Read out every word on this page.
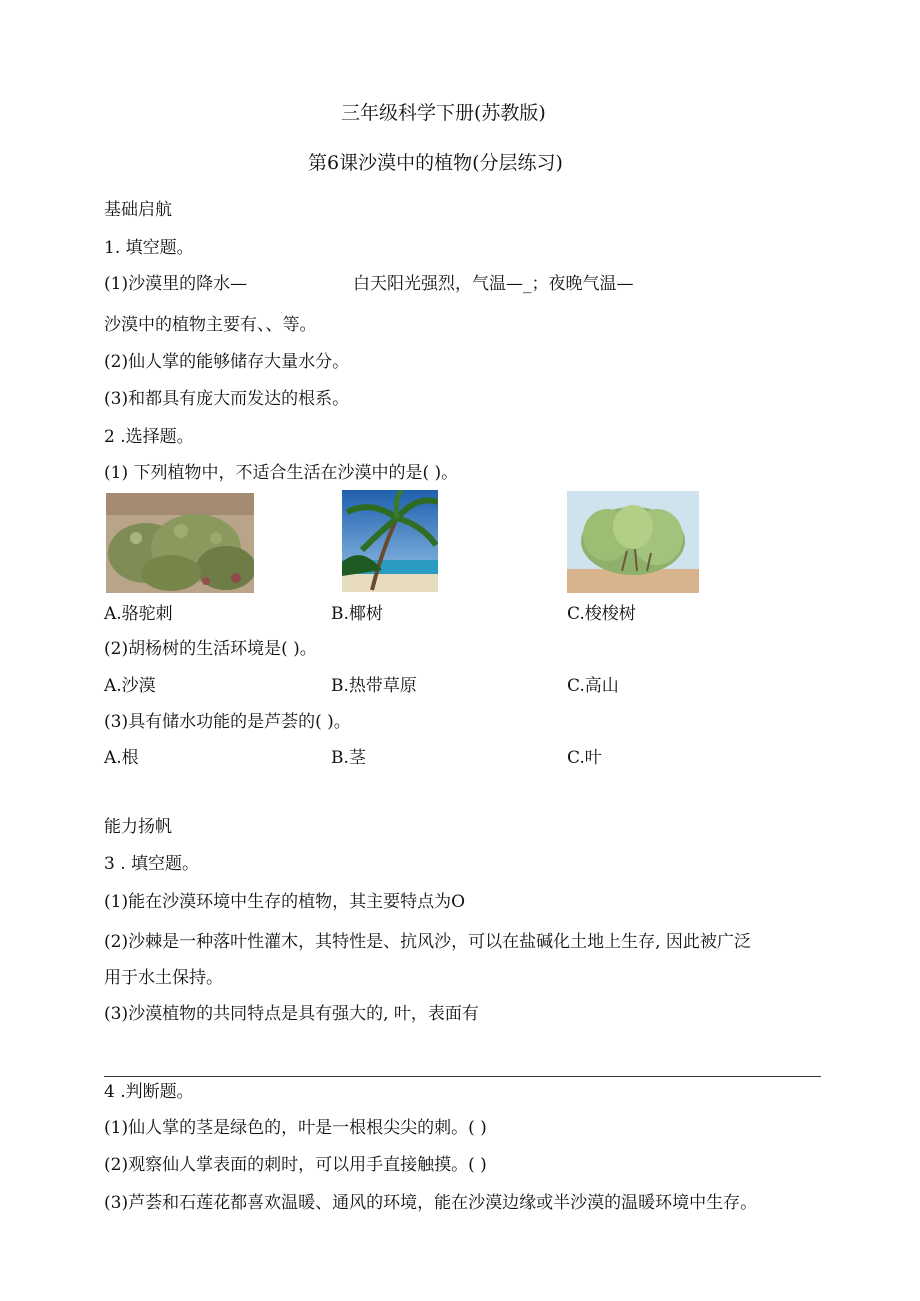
三年级科学下册(苏教版)
第6课沙漠中的植物(分层练习)
基础启航
1. 填空题。
(1)沙漠里的降水—	白天阳光强烈，气温—_；夜晚气温—
沙漠中的植物主要有、、等。
(2)仙人掌的能够储存大量水分。
(3)和都具有庞大而发达的根系。
2 .选择题。
(1) 下列植物中，不适合生活在沙漠中的是( )。
A.骆驼刺	B.椰树	C.梭梭树
(2)胡杨树的生活环境是( )。
A.沙漠	B.热带草原	C.高山
(3)具有储水功能的是芦荟的( )。
A.根	B.茎	C.叶
能力扬帆
3 . 填空题。
(1)能在沙漠环境中生存的植物，其主要特点为O
(2)沙棘是一种落叶性灌木，其特性是、抗风沙，可以在盐碱化土地上生存, 因此被广泛
用于水土保持。
(3)沙漠植物的共同特点是具有强大的, 叶，表面有
4 .判断题。
(1)仙人掌的茎是绿色的，叶是一根根尖尖的刺。( )
(2)观察仙人掌表面的刺时，可以用手直接触摸。( )
(3)芦荟和石莲花都喜欢温暖、通风的环境，能在沙漠边缘或半沙漠的温暖环境中生存。
